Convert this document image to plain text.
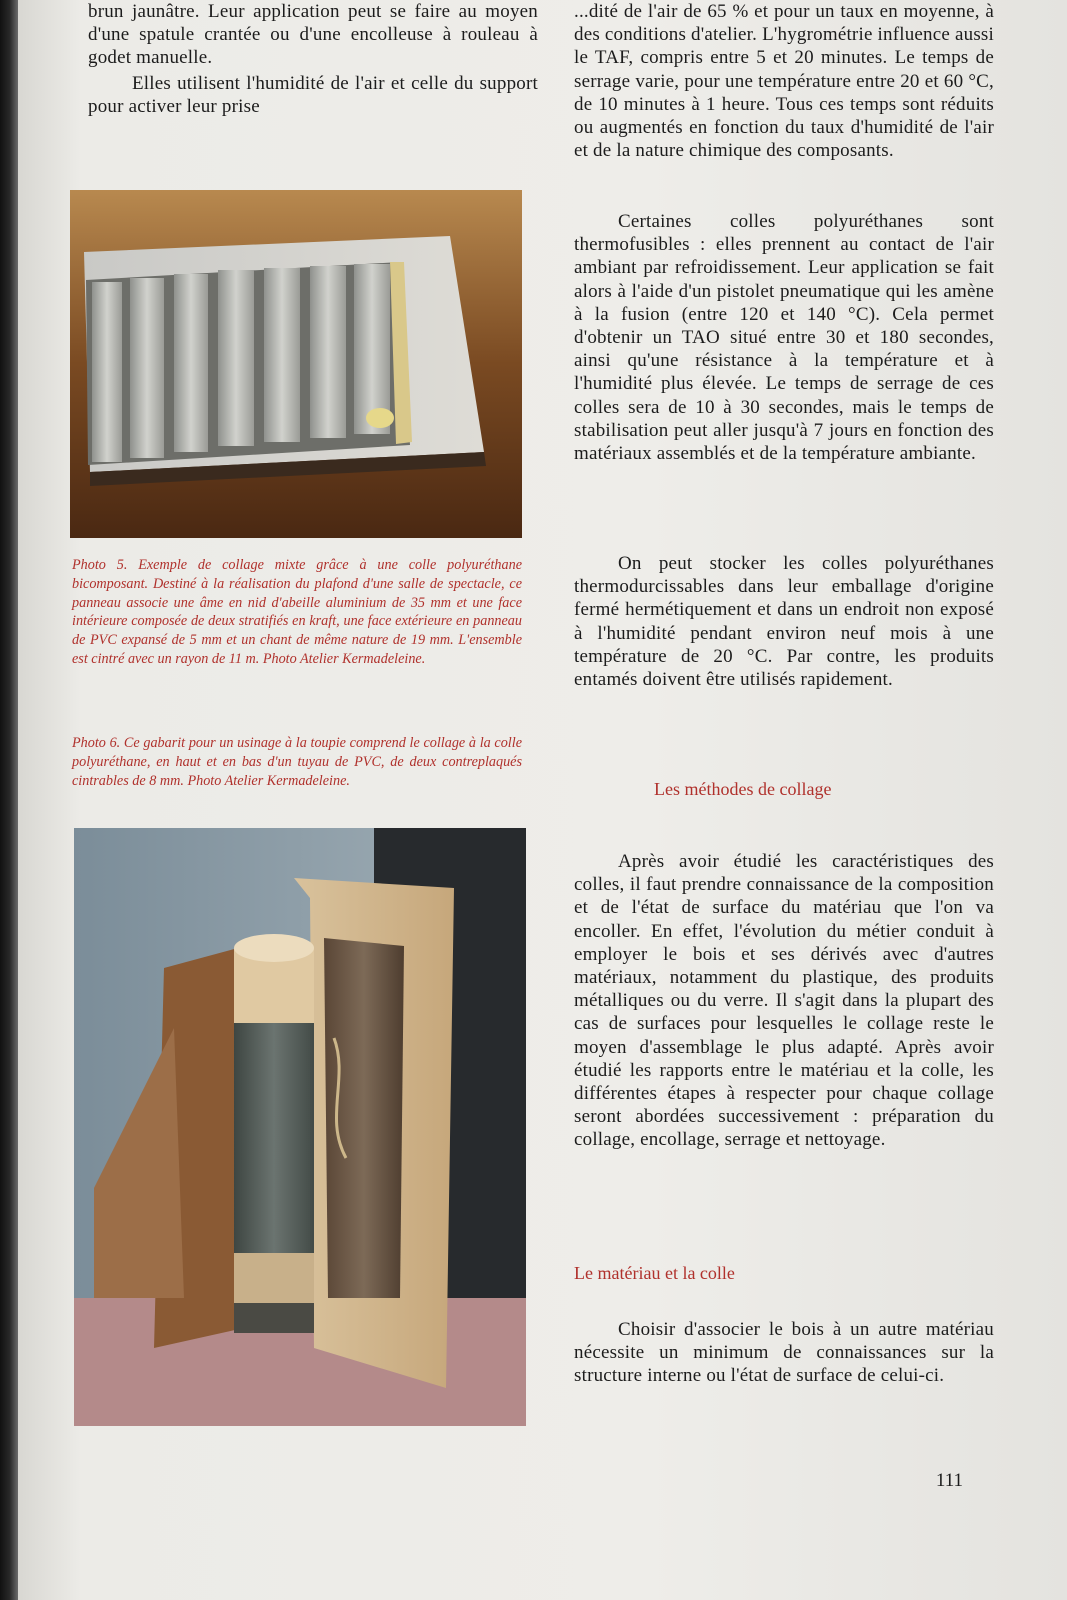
brun jaunâtre. Leur application peut se faire au moyen d'une spatule crantée ou d'une encolleuse à rouleau à godet manuelle.

Elles utilisent l'humidité de l'air et celle du support pour activer leur prise

Photo 5. Exemple de collage mixte grâce à une colle polyuréthane bicomposant. Destiné à la réalisation du plafond d'une salle de spectacle, ce panneau associe une âme en nid d'abeille aluminium de 35 mm et une face intérieure composée de deux stratifiés en kraft, une face extérieure en panneau de PVC expansé de 5 mm et un chant de même nature de 19 mm. L'ensemble est cintré avec un rayon de 11 m. Photo Atelier Kermadeleine.

Photo 6. Ce gabarit pour un usinage à la toupie comprend le collage à la colle polyuréthane, en haut et en bas d'un tuyau de PVC, de deux contreplaqués cintrables de 8 mm. Photo Atelier Kermadeleine.

...dité de l'air de 65 % et pour un taux en moyenne, à des conditions d'atelier. L'hygrométrie influence aussi le TAF, compris entre 5 et 20 minutes. Le temps de serrage varie, pour une température entre 20 et 60 °C, de 10 minutes à 1 heure. Tous ces temps sont réduits ou augmentés en fonction du taux d'humidité de l'air et de la nature chimique des composants.

Certaines colles polyuréthanes sont thermofusibles : elles prennent au contact de l'air ambiant par refroidissement. Leur application se fait alors à l'aide d'un pistolet pneumatique qui les amène à la fusion (entre 120 et 140 °C). Cela permet d'obtenir un TAO situé entre 30 et 180 secondes, ainsi qu'une résistance à la température et à l'humidité plus élevée. Le temps de serrage de ces colles sera de 10 à 30 secondes, mais le temps de stabilisation peut aller jusqu'à 7 jours en fonction des matériaux assemblés et de la température ambiante.

On peut stocker les colles polyuréthanes thermodurcissables dans leur emballage d'origine fermé hermétiquement et dans un endroit non exposé à l'humidité pendant environ neuf mois à une température de 20 °C. Par contre, les produits entamés doivent être utilisés rapidement.

Les méthodes de collage

Après avoir étudié les caractéristiques des colles, il faut prendre connaissance de la composition et de l'état de surface du matériau que l'on va encoller. En effet, l'évolution du métier conduit à employer le bois et ses dérivés avec d'autres matériaux, notamment du plastique, des produits métalliques ou du verre. Il s'agit dans la plupart des cas de surfaces pour lesquelles le collage reste le moyen d'assemblage le plus adapté. Après avoir étudié les rapports entre le matériau et la colle, les différentes étapes à respecter pour chaque collage seront abordées successivement : préparation du collage, encollage, serrage et nettoyage.

Le matériau et la colle

Choisir d'associer le bois à un autre matériau nécessite un minimum de connaissances sur la structure interne ou l'état de surface de celui-ci.

111
